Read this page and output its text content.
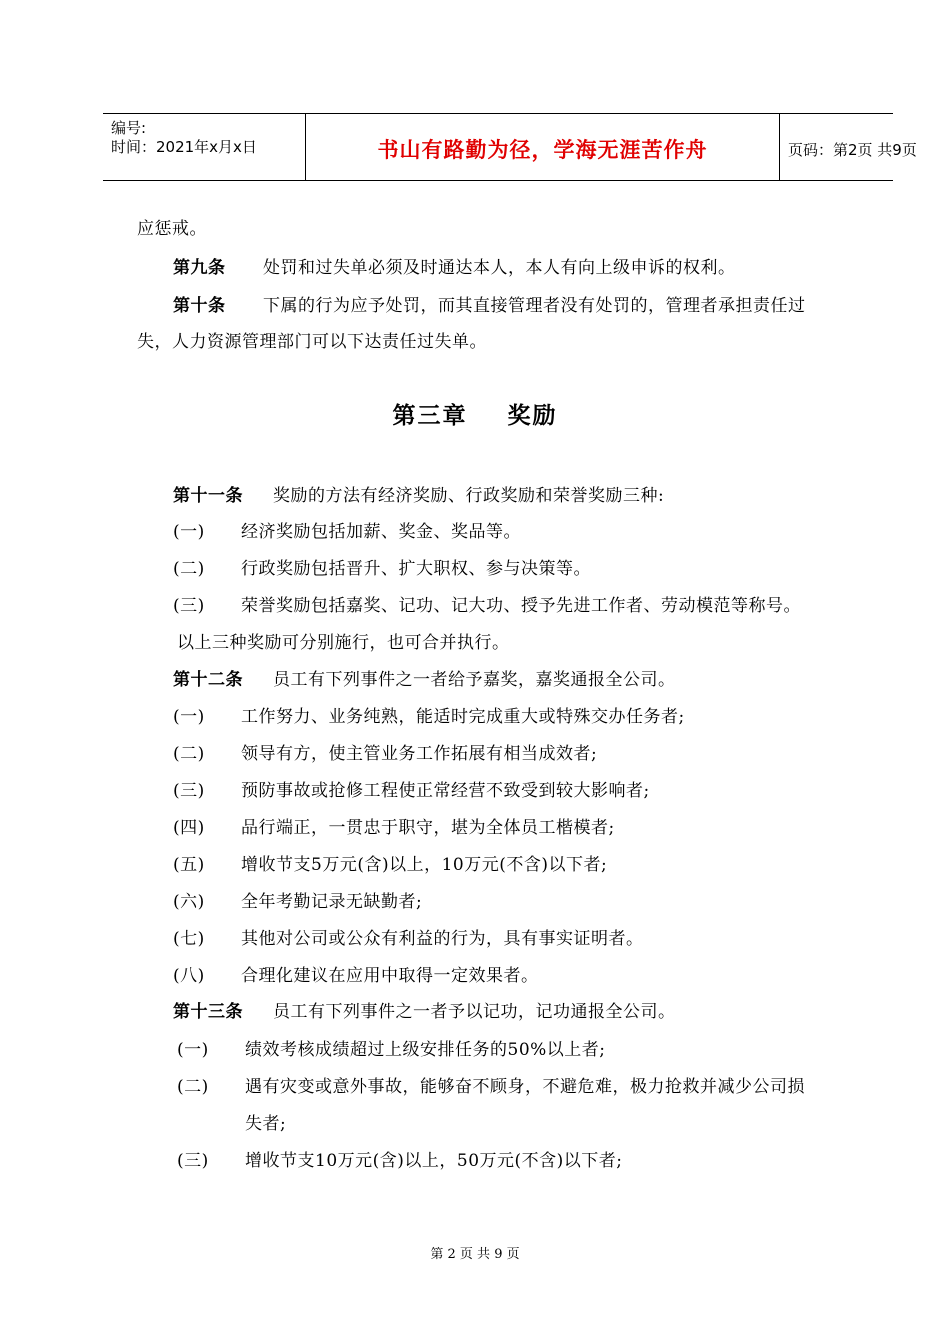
编号:
时间：2021年x月x日	书山有路勤为径，学海无涯苦作舟	页码：第2页 共9页
应惩戒。
第九条 处罚和过失单必须及时通达本人，本人有向上级申诉的权利。
第十条 下属的行为应予处罚，而其直接管理者没有处罚的，管理者承担责任过
失，人力资源管理部门可以下达责任过失单。
第三章    奖励
第十一条 奖励的方法有经济奖励、行政奖励和荣誉奖励三种:
(一) 经济奖励包括加薪、奖金、奖品等。
(二) 行政奖励包括晋升、扩大职权、参与决策等。
(三) 荣誉奖励包括嘉奖、记功、记大功、授予先进工作者、劳动模范等称号。
以上三种奖励可分别施行，也可合并执行。
第十二条 员工有下列事件之一者给予嘉奖，嘉奖通报全公司。
(一) 工作努力、业务纯熟，能适时完成重大或特殊交办任务者;
(二) 领导有方，使主管业务工作拓展有相当成效者;
(三) 预防事故或抢修工程使正常经营不致受到较大影响者;
(四) 品行端正，一贯忠于职守，堪为全体员工楷模者;
(五) 增收节支5万元(含)以上，10万元(不含)以下者;
(六) 全年考勤记录无缺勤者;
(七) 其他对公司或公众有利益的行为，具有事实证明者。
(八) 合理化建议在应用中取得一定效果者。
第十三条 员工有下列事件之一者予以记功，记功通报全公司。
(一) 绩效考核成绩超过上级安排任务的50%以上者;
(二) 遇有灾变或意外事故，能够奋不顾身，不避危难，极力抢救并减少公司损
失者;
(三) 增收节支10万元(含)以上，50万元(不含)以下者;
第 2 页 共 9 页
